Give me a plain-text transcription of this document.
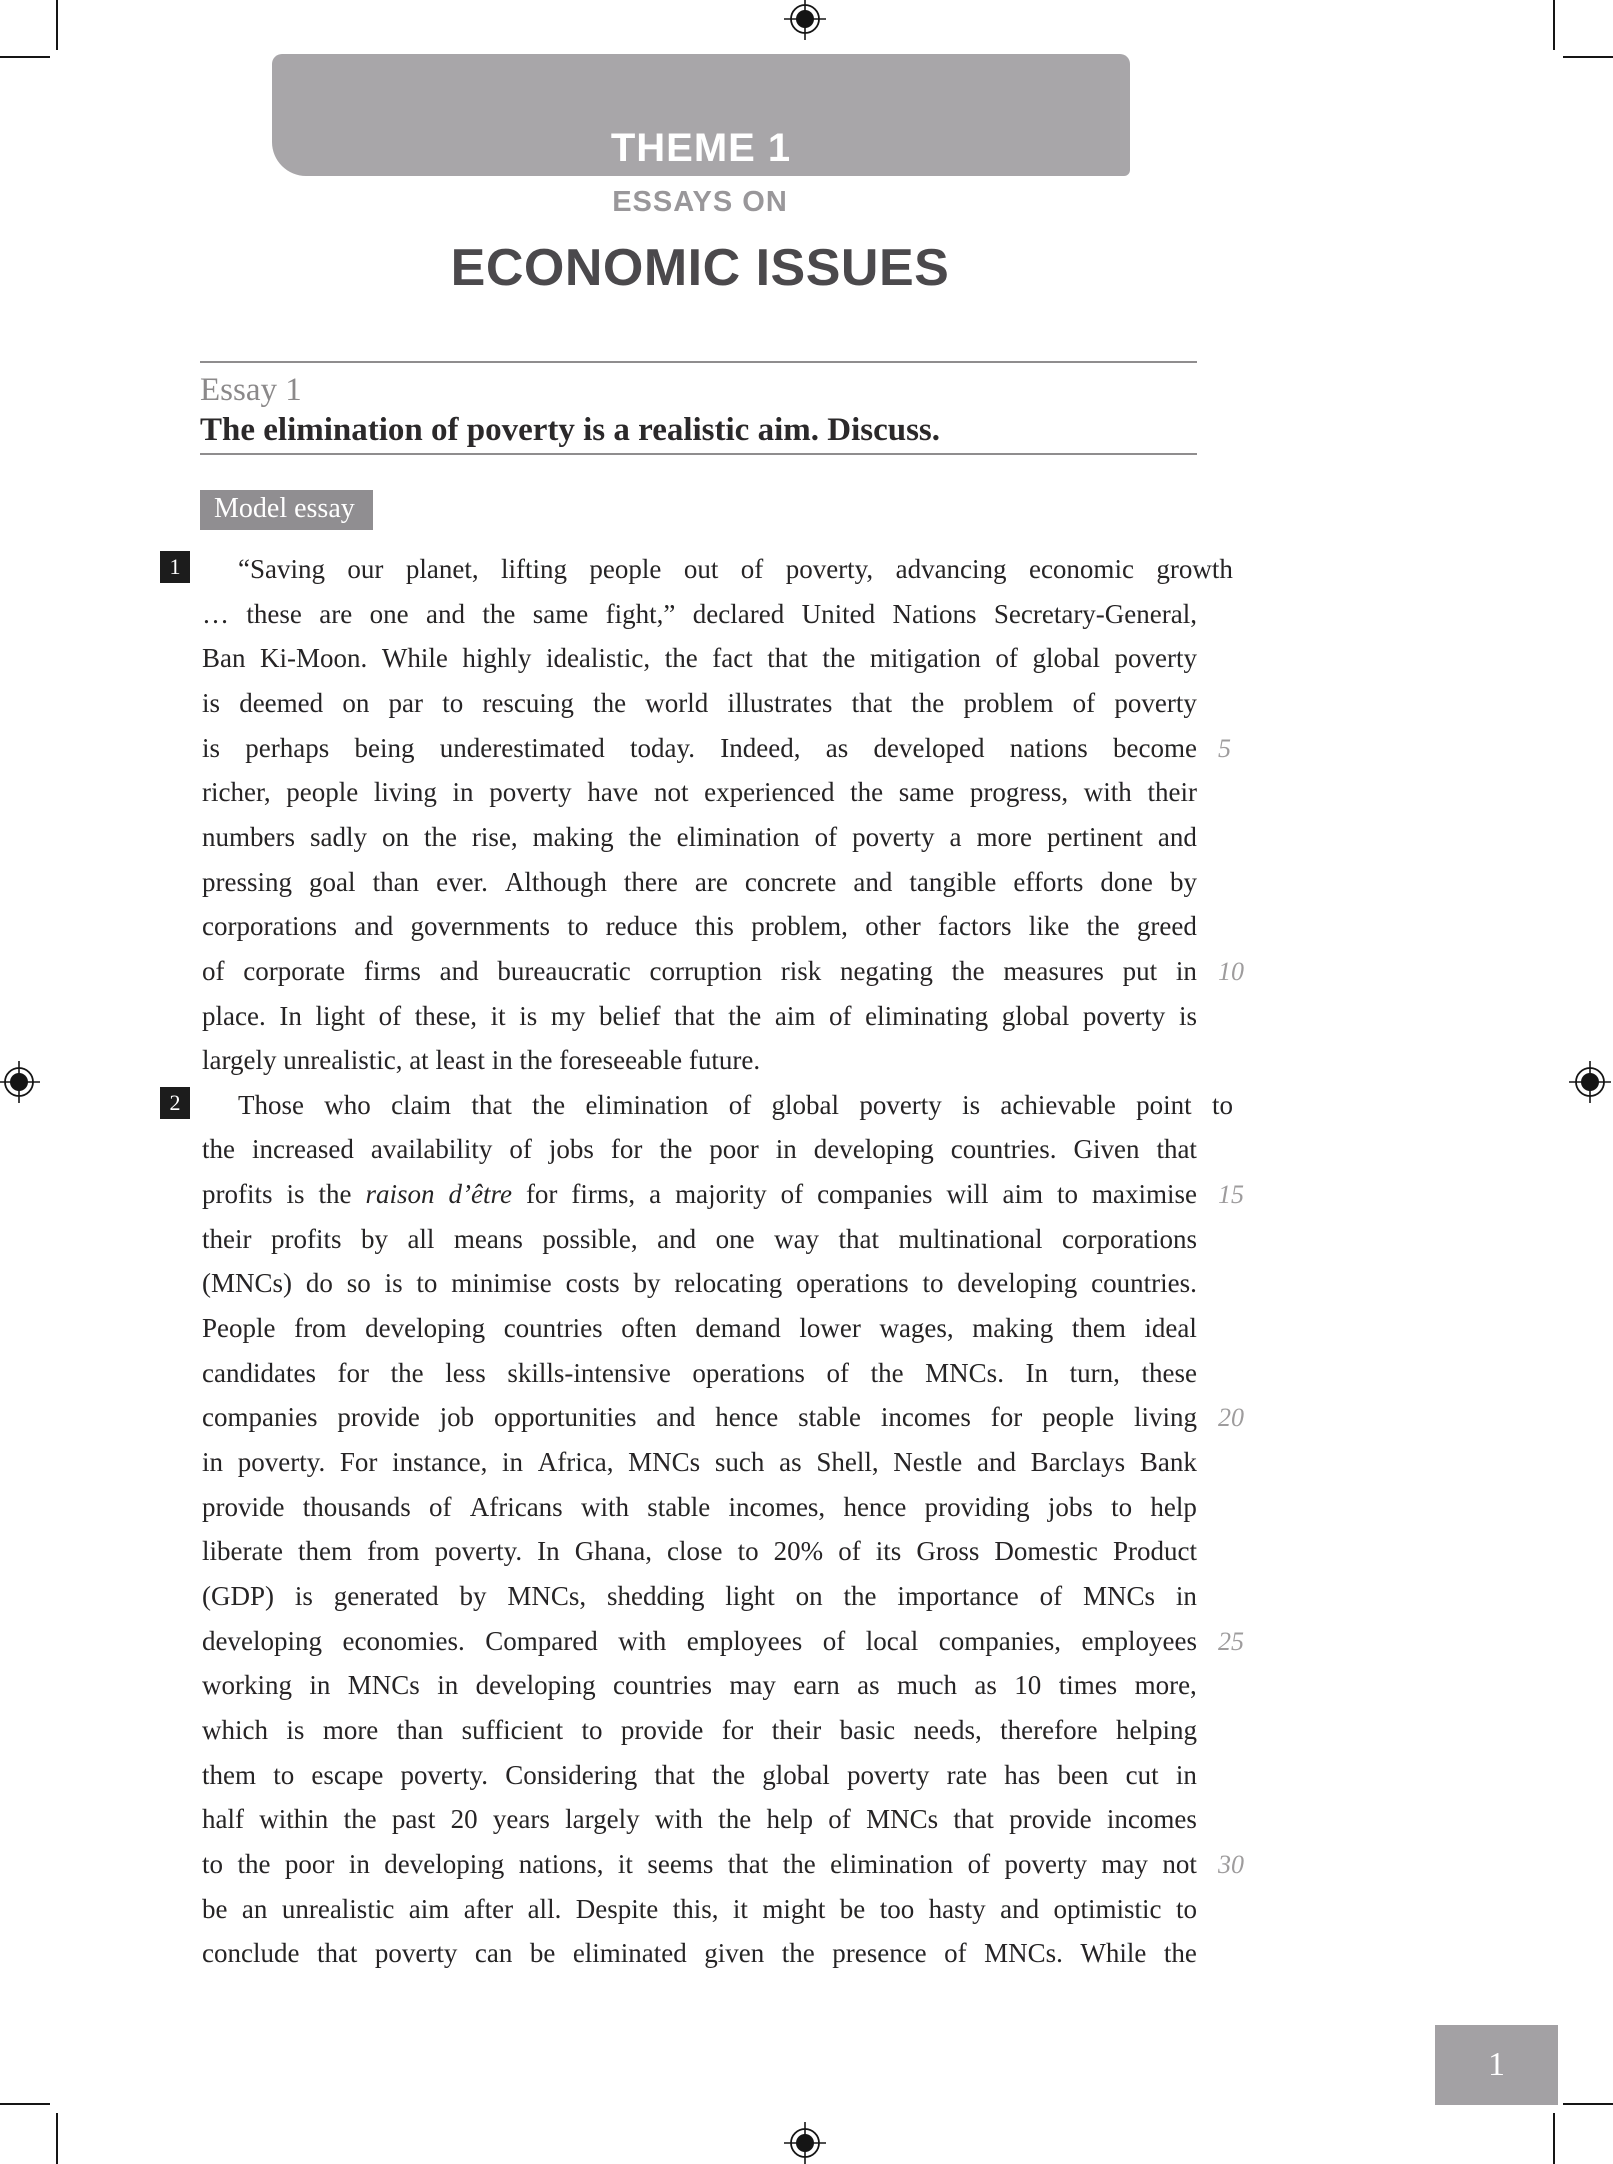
THEME 1
ESSAYS ON
ECONOMIC ISSUES
Essay 1
The elimination of poverty is a realistic aim. Discuss.
Model essay
“Saving our planet, lifting people out of poverty, advancing economic growth
… these are one and the same fight,” declared United Nations Secretary-General,
Ban Ki-Moon. While highly idealistic, the fact that the mitigation of global poverty
is deemed on par to rescuing the world illustrates that the problem of poverty
is perhaps being underestimated today. Indeed, as developed nations become
richer, people living in poverty have not experienced the same progress, with their
numbers sadly on the rise, making the elimination of poverty a more pertinent and
pressing goal than ever. Although there are concrete and tangible efforts done by
corporations and governments to reduce this problem, other factors like the greed
of corporate firms and bureaucratic corruption risk negating the measures put in
place. In light of these, it is my belief that the aim of eliminating global poverty is
largely unrealistic, at least in the foreseeable future.
1
Those who claim that the elimination of global poverty is achievable point to
the increased availability of jobs for the poor in developing countries. Given that
profits is the raison d’être for firms, a majority of companies will aim to maximise
their profits by all means possible, and one way that multinational corporations
(MNCs) do so is to minimise costs by relocating operations to developing countries.
People from developing countries often demand lower wages, making them ideal
candidates for the less skills-intensive operations of the MNCs. In turn, these
companies provide job opportunities and hence stable incomes for people living
in poverty. For instance, in Africa, MNCs such as Shell, Nestle and Barclays Bank
provide thousands of Africans with stable incomes, hence providing jobs to help
liberate them from poverty. In Ghana, close to 20% of its Gross Domestic Product
(GDP) is generated by MNCs, shedding light on the importance of MNCs in
developing economies. Compared with employees of local companies, employees
working in MNCs in developing countries may earn as much as 10 times more,
which is more than sufficient to provide for their basic needs, therefore helping
them to escape poverty. Considering that the global poverty rate has been cut in
half within the past 20 years largely with the help of MNCs that provide incomes
to the poor in developing nations, it seems that the elimination of poverty may not
be an unrealistic aim after all. Despite this, it might be too hasty and optimistic to
conclude that poverty can be eliminated given the presence of MNCs. While the
2
5
10
15
20
25
30
1
